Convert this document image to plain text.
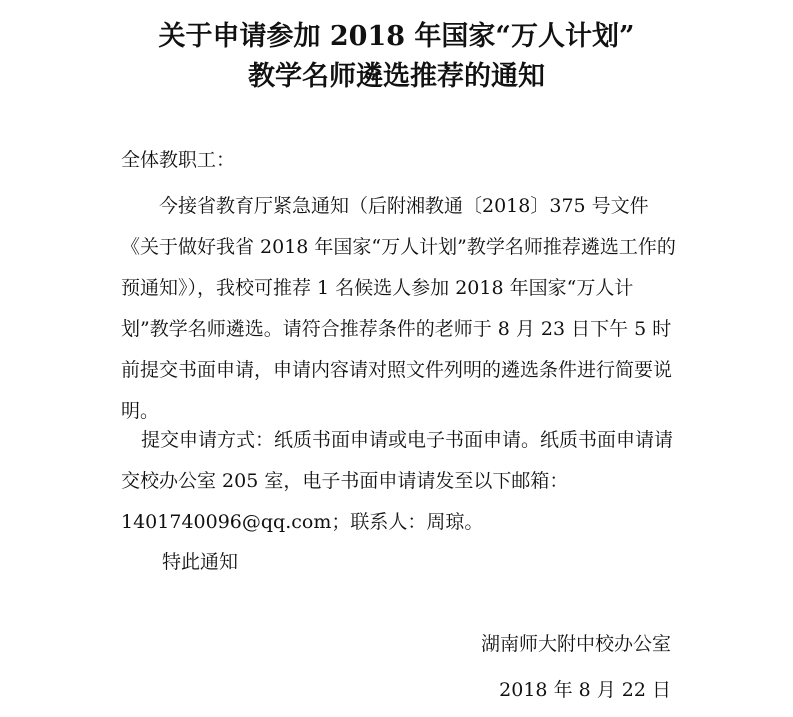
关于申请参加 2018 年国家“万人计划”
教学名师遴选推荐的通知

全体教职工：

今接省教育厅紧急通知（后附湘教通〔2018〕375 号文件《关于做好我省 2018 年国家“万人计划”教学名师推荐遴选工作的预通知》），我校可推荐 1 名候选人参加 2018 年国家“万人计划”教学名师遴选。请符合推荐条件的老师于 8 月 23 日下午 5 时前提交书面申请，申请内容请对照文件列明的遴选条件进行简要说明。

提交申请方式：纸质书面申请或电子书面申请。纸质书面申请请交校办公室 205 室，电子书面申请请发至以下邮箱：1401740096@qq.com；联系人：周琼。

特此通知

湖南师大附中校办公室

2018 年 8 月 22 日
